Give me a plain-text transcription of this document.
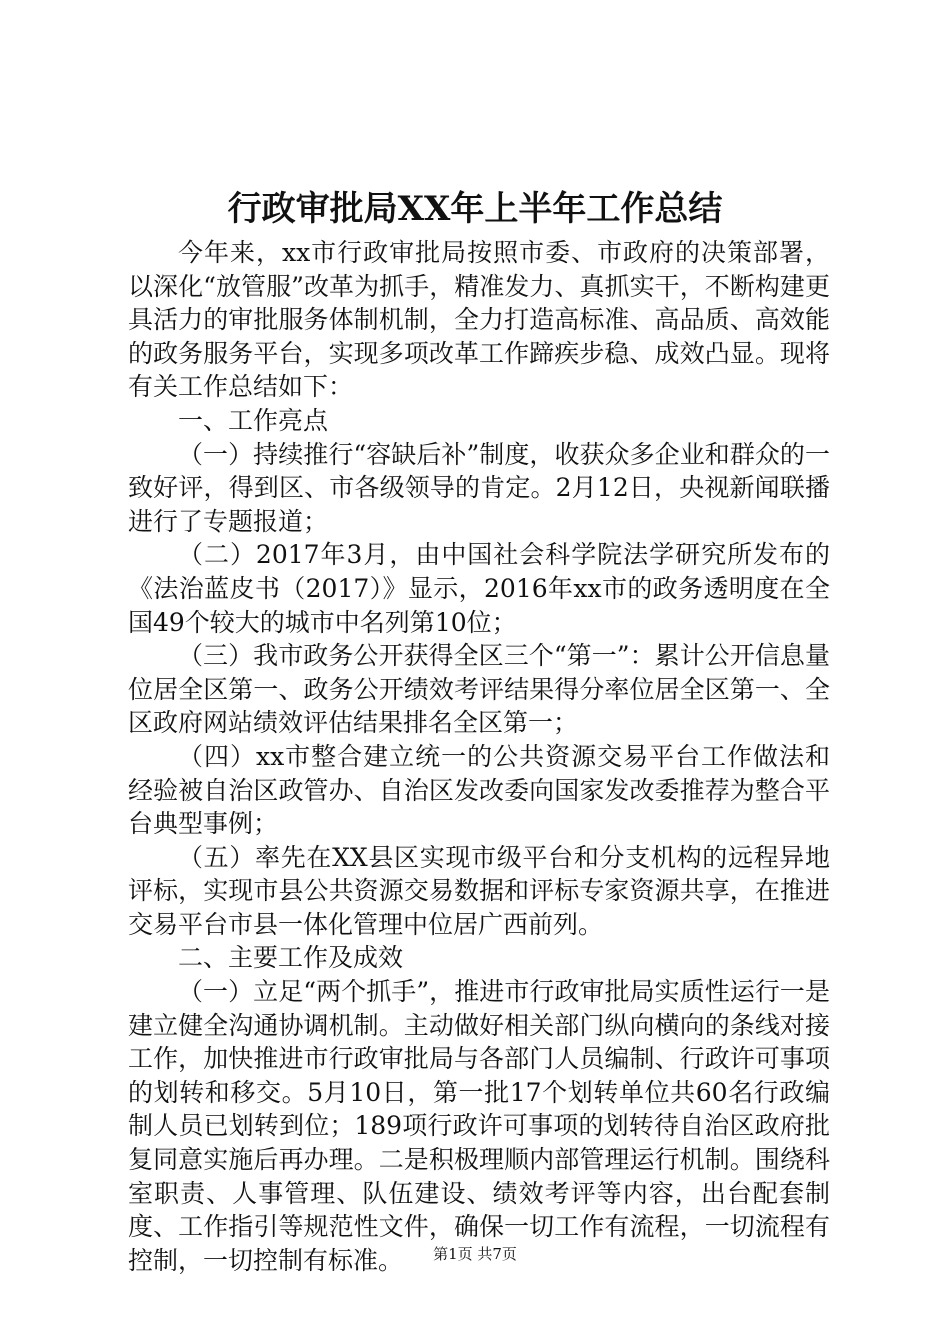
行政审批局XX年上半年工作总结

今年来，xx市行政审批局按照市委、市政府的决策部署，以深化“放管服”改革为抓手，精准发力、真抓实干，不断构建更具活力的审批服务体制机制，全力打造高标准、高品质、高效能的政务服务平台，实现多项改革工作蹄疾步稳、成效凸显。现将有关工作总结如下：

一、工作亮点

（一）持续推行“容缺后补”制度，收获众多企业和群众的一致好评，得到区、市各级领导的肯定。2月12日，央视新闻联播进行了专题报道；

（二）2017年3月，由中国社会科学院法学研究所发布的《法治蓝皮书（2017）》显示，2016年xx市的政务透明度在全国49个较大的城市中名列第10位；

（三）我市政务公开获得全区三个“第一”：累计公开信息量位居全区第一、政务公开绩效考评结果得分率位居全区第一、全区政府网站绩效评估结果排名全区第一；

（四）xx市整合建立统一的公共资源交易平台工作做法和经验被自治区政管办、自治区发改委向国家发改委推荐为整合平台典型事例；

（五）率先在XX县区实现市级平台和分支机构的远程异地评标，实现市县公共资源交易数据和评标专家资源共享，在推进交易平台市县一体化管理中位居广西前列。

二、主要工作及成效

（一）立足“两个抓手”，推进市行政审批局实质性运行一是建立健全沟通协调机制。主动做好相关部门纵向横向的条线对接工作，加快推进市行政审批局与各部门人员编制、行政许可事项的划转和移交。5月10日，第一批17个划转单位共60名行政编制人员已划转到位；189项行政许可事项的划转待自治区政府批复同意实施后再办理。二是积极理顺内部管理运行机制。围绕科室职责、人事管理、队伍建设、绩效考评等内容，出台配套制度、工作指引等规范性文件，确保一切工作有流程，一切流程有控制，一切控制有标准。	第1页 共7页
